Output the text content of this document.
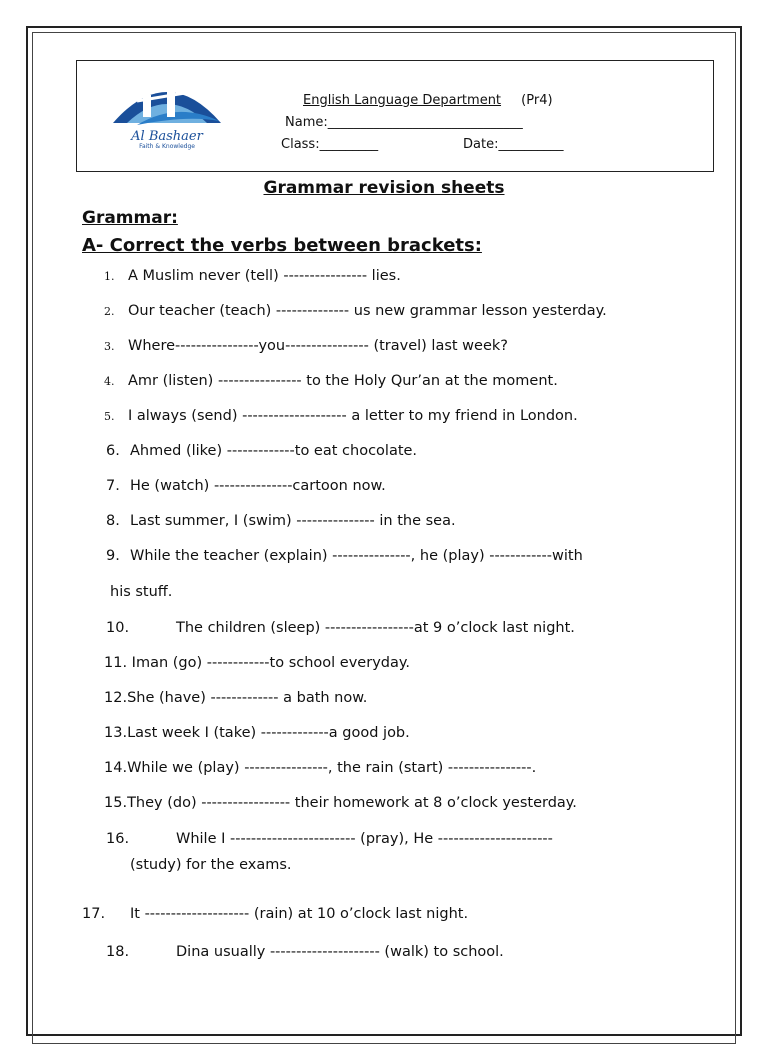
Al Bashaer
Faith & Knowledge
English Language Department (Pr4)
Name:______________________________
Class:_________	Date:__________
Grammar revision sheets
Grammar:
A- Correct the verbs between brackets:
1. A Muslim never (tell) ---------------- lies.
2. Our teacher (teach) -------------- us new grammar lesson yesterday.
3. Where----------------you---------------- (travel) last week?
4. Amr (listen) ---------------- to the Holy Qur’an at the moment.
5. I always (send) -------------------- a letter to my friend in London.
6. Ahmed (like) -------------to eat chocolate.
7. He (watch) ---------------cartoon now.
8. Last summer, I (swim) --------------- in the sea.
9. While the teacher (explain) ---------------, he (play) ------------with
his stuff.
10.	The children (sleep) -----------------at 9 o’clock last night.
11. Iman (go) ------------to school everyday.
12.She (have) ------------- a bath now.
13.Last week I (take) -------------a good job.
14.While we (play) ----------------, the rain (start) ----------------.
15.They (do) ----------------- their homework at 8 o’clock yesterday.
16.	While I ------------------------ (pray), He ----------------------
(study) for the exams.
17. It -------------------- (rain) at 10 o’clock last night.
18.	Dina usually --------------------- (walk) to school.
